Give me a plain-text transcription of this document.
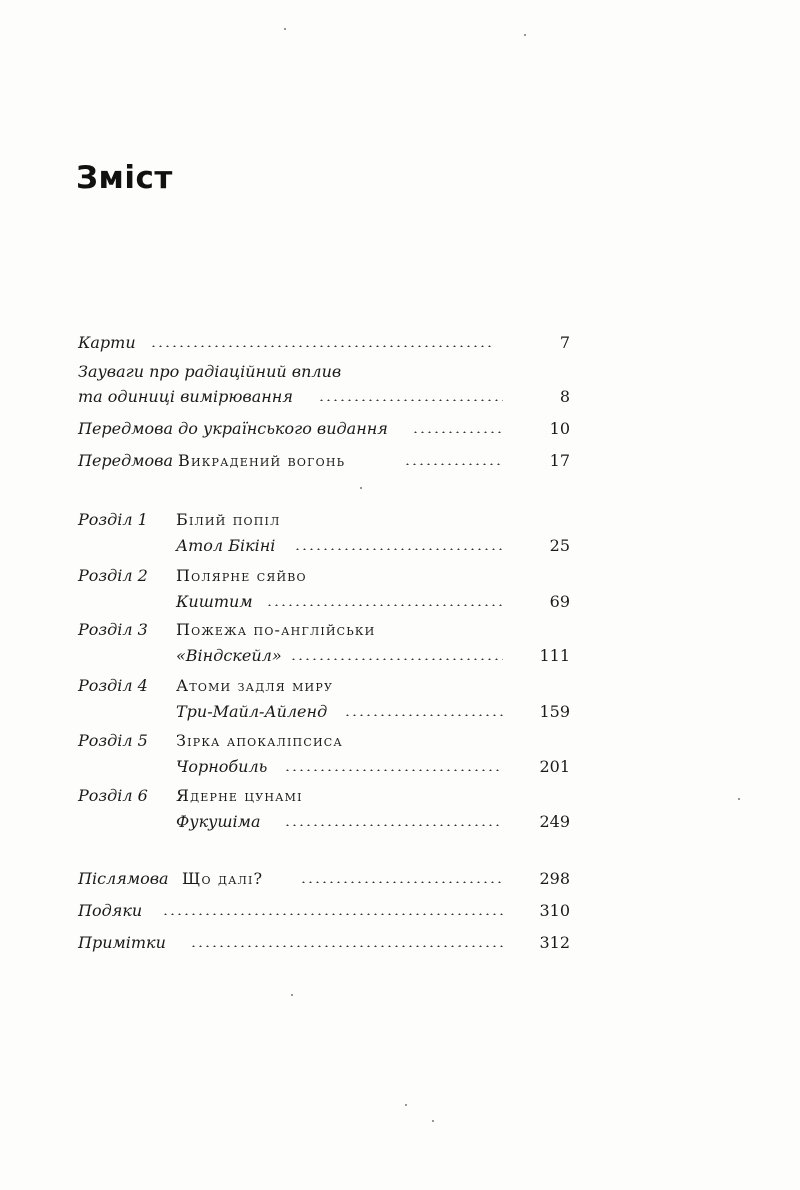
Зміст
Карти	7
Зауваги про радіаційний вплив
та одиниці вимірювання	8
Передмова до українського видання	10
Передмова Викрадений вогонь	17
Розділ 1 Білий попіл
Атол Бікіні	25
Розділ 2 Полярне сяйво
Киштим	69
Розділ 3 Пожежа по-англійськи
«Віндскейл»	111
Розділ 4 Атоми задля миру
Три-Майл-Айленд	159
Розділ 5 Зірка апокаліпсиса
Чорнобиль	201
Розділ 6 Ядерне цунамі
Фукушіма	249
Післямова Що далі?	298
Подяки	310
Примітки	312
